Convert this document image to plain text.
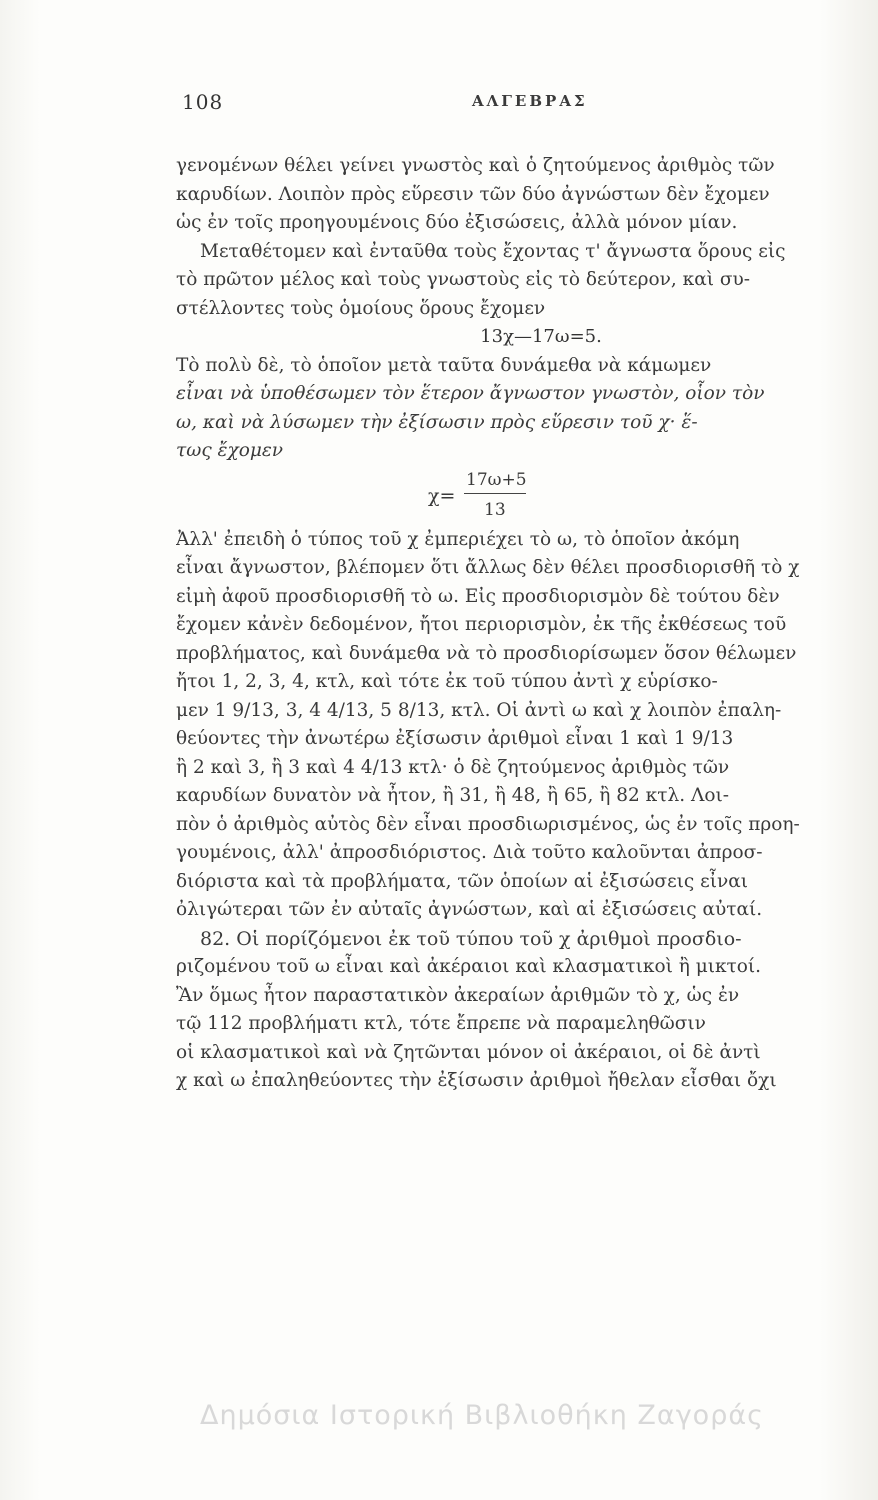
108	ΑΛΓΕΒΡΑΣ
γενομένων θέλει γείνει γνωστὸς καὶ ὁ ζητούμενος ἀριθμὸς τῶν
καρυδίων. Λοιπὸν πρὸς εὕρεσιν τῶν δύο ἀγνώστων δὲν ἔχομεν
ὡς ἐν τοῖς προηγουμένοις δύο ἐξισώσεις, ἀλλὰ μόνον μίαν.
Μεταθέτομεν καὶ ἐνταῦθα τοὺς ἔχοντας τ' ἄγνωστα ὅρους εἰς
τὸ πρῶτον μέλος καὶ τοὺς γνωστοὺς εἰς τὸ δεύτερον, καὶ συ-
στέλλοντες τοὺς ὁμοίους ὅρους ἔχομεν
13χ—17ω=5.
Τὸ πολὺ δὲ, τὸ ὁποῖον μετὰ ταῦτα δυνάμεθα νὰ κάμωμεν
εἶναι νὰ ὑποθέσωμεν τὸν ἕτερον ἄγνωστον γνωστὸν, οἷον τὸν
ω, καὶ νὰ λύσωμεν τὴν ἐξίσωσιν πρὸς εὕρεσιν τοῦ χ· ἕ-
τως ἔχομεν
χ=
17ω+5
13
Ἀλλ' ἐπειδὴ ὁ τύπος τοῦ χ ἐμπεριέχει τὸ ω, τὸ ὁποῖον ἀκόμη
εἶναι ἄγνωστον, βλέπομεν ὅτι ἄλλως δὲν θέλει προσδιορισθῆ τὸ χ
εἰμὴ ἀφοῦ προσδιορισθῆ τὸ ω. Εἰς προσδιορισμὸν δὲ τούτου δὲν
ἔχομεν κἀνὲν δεδομένον, ἤτοι περιορισμὸν, ἐκ τῆς ἐκθέσεως τοῦ
προβλήματος, καὶ δυνάμεθα νὰ τὸ προσδιορίσωμεν ὅσον θέλωμεν
ἤτοι 1, 2, 3, 4, κτλ, καὶ τότε ἐκ τοῦ τύπου ἀντὶ χ εὑρίσκο-
μεν 1 9/13, 3, 4 4/13, 5 8/13, κτλ. Οἱ ἀντὶ ω καὶ χ λοιπὸν ἐπαλη-
θεύοντες τὴν ἀνωτέρω ἐξίσωσιν ἀριθμοὶ εἶναι 1 καὶ 1 9/13
ἢ 2 καὶ 3, ἢ 3 καὶ 4 4/13 κτλ· ὁ δὲ ζητούμενος ἀριθμὸς τῶν
καρυδίων δυνατὸν νὰ ἦτον, ἢ 31, ἢ 48, ἢ 65, ἢ 82 κτλ. Λοι-
πὸν ὁ ἀριθμὸς αὐτὸς δὲν εἶναι προσδιωρισμένος, ὡς ἐν τοῖς προη-
γουμένοις, ἀλλ' ἀπροσδιόριστος. Διὰ τοῦτο καλοῦνται ἀπροσ-
διόριστα καὶ τὰ προβλήματα, τῶν ὁποίων αἱ ἐξισώσεις εἶναι
ὀλιγώτεραι τῶν ἐν αὐταῖς ἀγνώστων, καὶ αἱ ἐξισώσεις αὐταί.
82. Οἱ πορίζόμενοι ἐκ τοῦ τύπου τοῦ χ ἀριθμοὶ προσδιο-
ριζομένου τοῦ ω εἶναι καὶ ἀκέραιοι καὶ κλασματικοὶ ἢ μικτοί.
Ἂν ὅμως ἦτον παραστατικὸν ἀκεραίων ἀριθμῶν τὸ χ, ὡς ἐν
τῷ 112 προβλήματι κτλ, τότε ἔπρεπε νὰ παραμεληθῶσιν
οἱ κλασματικοὶ καὶ νὰ ζητῶνται μόνον οἱ ἀκέραιοι, οἱ δὲ ἀντὶ
χ καὶ ω ἐπαληθεύοντες τὴν ἐξίσωσιν ἀριθμοὶ ἤθελαν εἶσθαι ὄχι
Δημόσια Ιστορική Βιβλιοθήκη Ζαγοράς
